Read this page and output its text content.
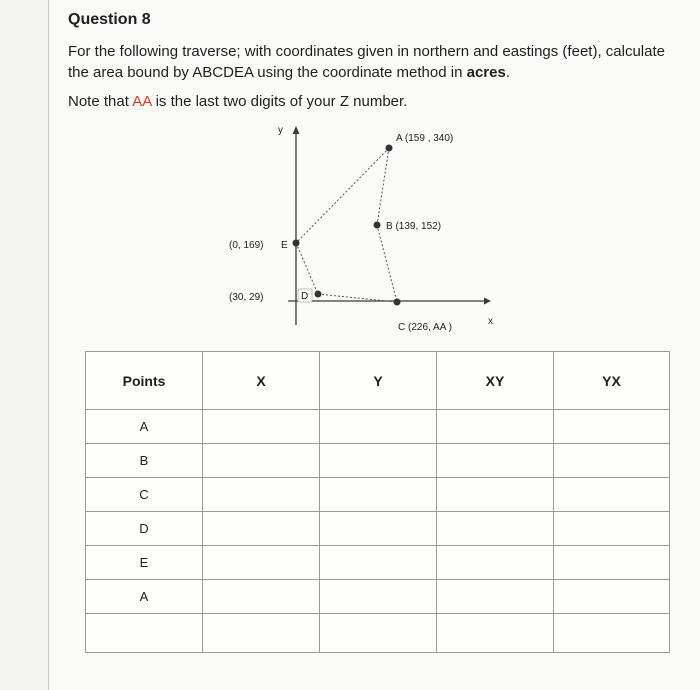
Question 8
For the following traverse; with coordinates given in northern and eastings (feet), calculate the area bound by ABCDEA using the coordinate method in acres.
Note that AA is the last two digits of your Z number.
y
x
A (159 , 340)
B (139, 152)
C (226, AA )
(0, 169) E
(30, 29)	D
Points	X	Y	XY	YX
A				
B				
C				
D				
E				
A				
